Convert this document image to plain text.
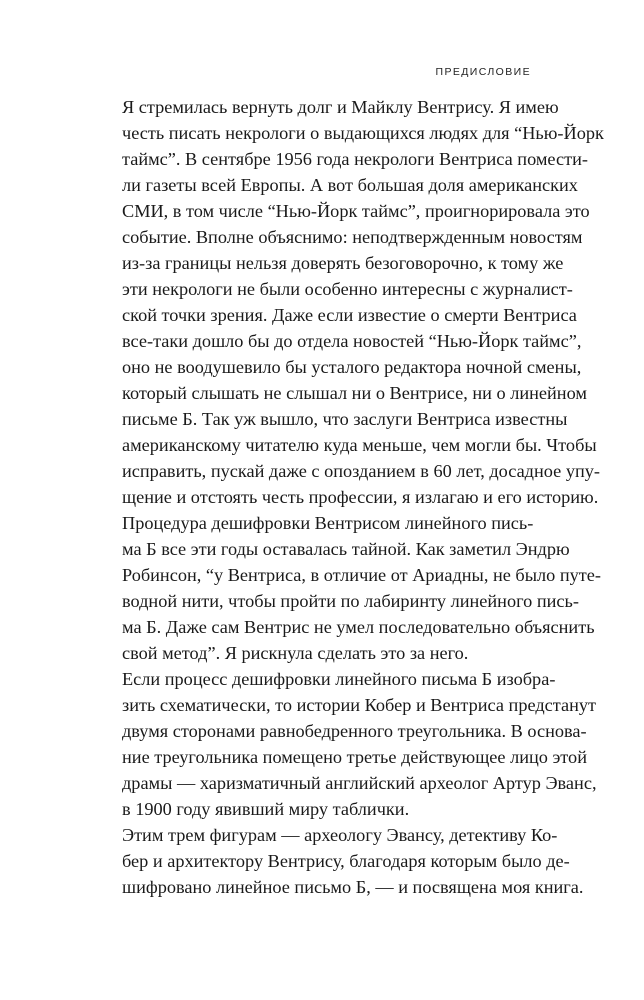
ПРЕДИСЛОВИЕ

Я стремилась вернуть долг и Майклу Вентрису. Я имею
честь писать некрологи о выдающихся людях для “Нью-Йорк
таймс”. В сентябре 1956 года некрологи Вентриса помести-
ли газеты всей Европы. А вот большая доля американских
СМИ, в том числе “Нью-Йорк таймс”, проигнорировала это
событие. Вполне объяснимо: неподтвержденным новостям
из-за границы нельзя доверять безоговорочно, к тому же
эти некрологи не были особенно интересны с журналист-
ской точки зрения. Даже если известие о смерти Вентриса
все-таки дошло бы до отдела новостей “Нью-Йорк таймс”,
оно не воодушевило бы усталого редактора ночной смены,
который слышать не слышал ни о Вентрисе, ни о линейном
письме Б. Так уж вышло, что заслуги Вентриса известны
американскому читателю куда меньше, чем могли бы. Чтобы
исправить, пускай даже с опозданием в 60 лет, досадное упу-
щение и отстоять честь профессии, я излагаю и его историю.

Процедура дешифровки Вентрисом линейного пись-
ма Б все эти годы оставалась тайной. Как заметил Эндрю
Робинсон, “у Вентриса, в отличие от Ариадны, не было путе-
водной нити, чтобы пройти по лабиринту линейного пись-
ма Б. Даже сам Вентрис не умел последовательно объяснить
свой метод”. Я рискнула сделать это за него.

Если процесс дешифровки линейного письма Б изобра-
зить схематически, то истории Кобер и Вентриса предстанут
двумя сторонами равнобедренного треугольника. В основа-
ние треугольника помещено третье действующее лицо этой
драмы — харизматичный английский археолог Артур Эванс,
в 1900 году явивший миру таблички.

Этим трем фигурам — археологу Эвансу, детективу Ко-
бер и архитектору Вентрису, благодаря которым было де-
шифровано линейное письмо Б, — и посвящена моя книга.
